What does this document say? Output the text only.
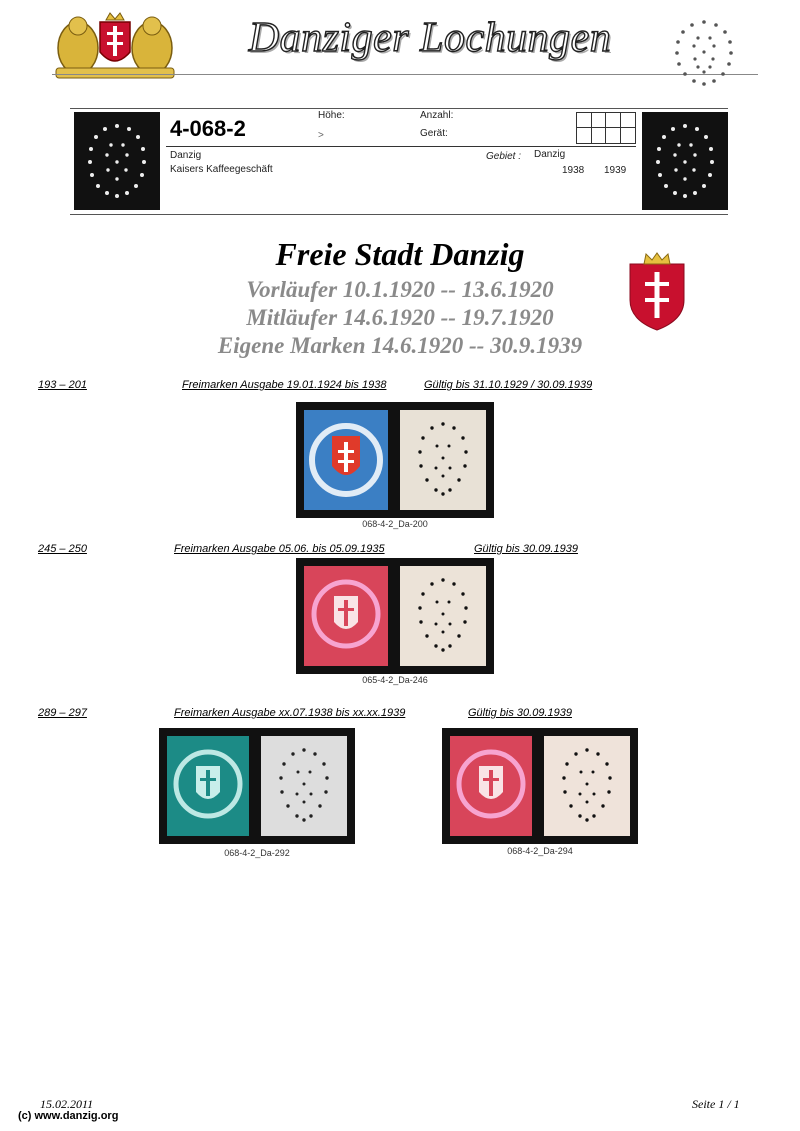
Danziger Lochungen
4-068-2
Höhe:
>
Anzahl:
Gerät:
Danzig
Kaisers Kaffeegeschäft
Gebiet : Danzig
1938 1939
Freie Stadt Danzig
Vorläufer 10.1.1920 -- 13.6.1920
Mitläufer 14.6.1920 -- 19.7.1920
Eigene Marken 14.6.1920 -- 30.9.1939
193 – 201	Freimarken Ausgabe 19.01.1924 bis 1938	Gültig bis 31.10.1929 / 30.09.1939
068-4-2_Da-200
245 – 250	Freimarken Ausgabe 05.06. bis 05.09.1935	Gültig bis 30.09.1939
065-4-2_Da-246
289 – 297	Freimarken Ausgabe xx.07.1938 bis xx.xx.1939	Gültig bis 30.09.1939
068-4-2_Da-292	068-4-2_Da-294
15.02.2011	Seite 1 / 1
(c) www.danzig.org
